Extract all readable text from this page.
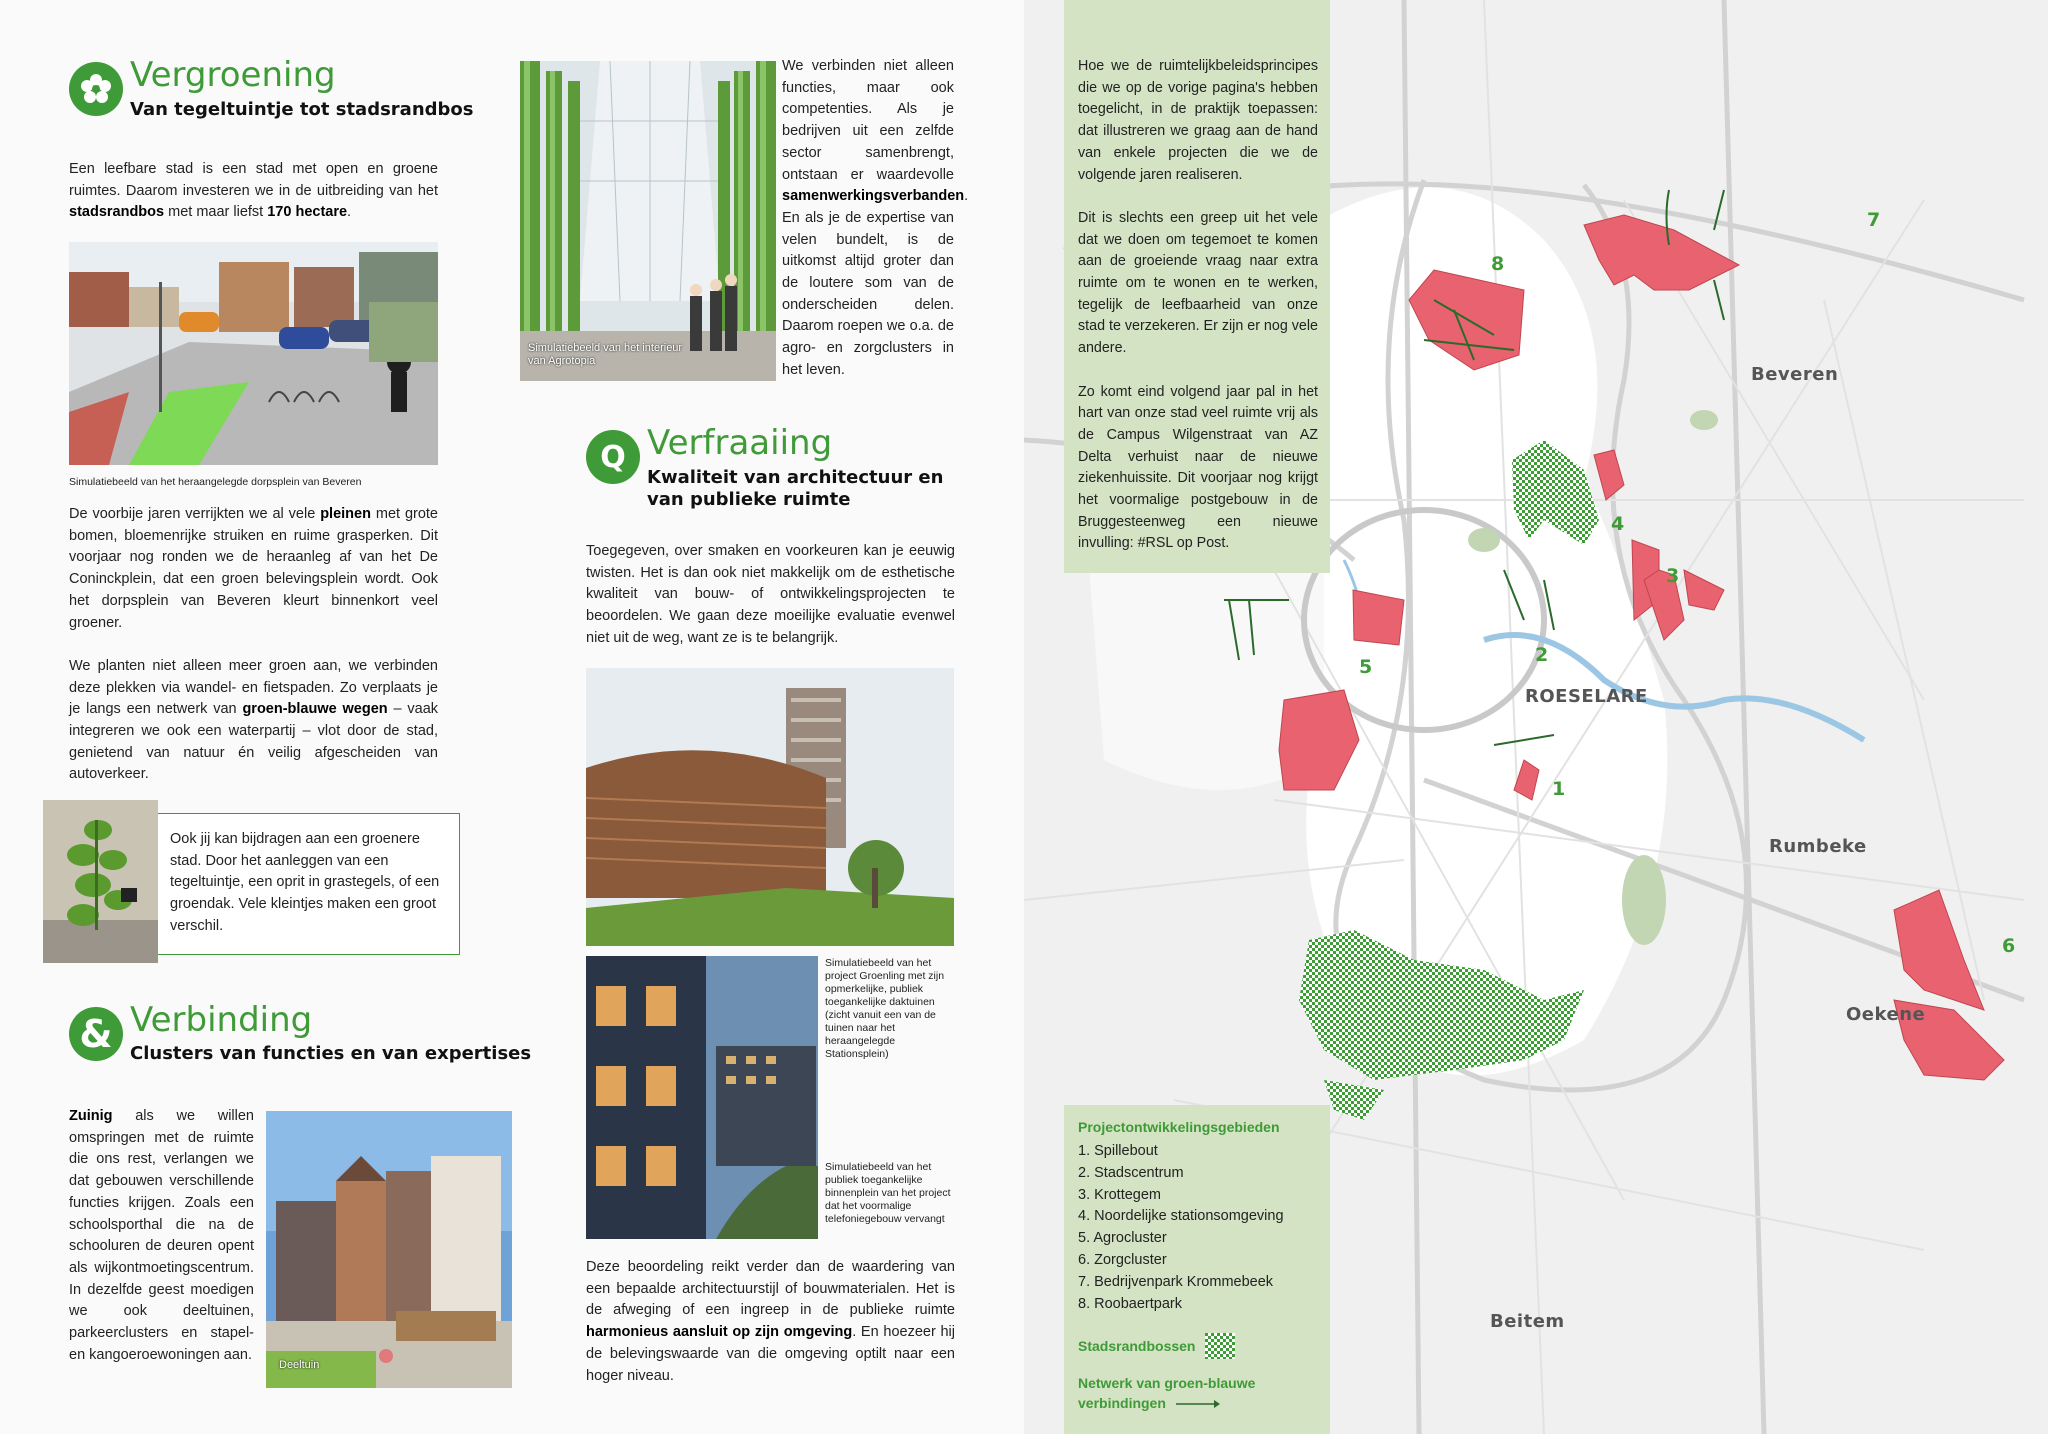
Vergroening
Van tegeltuintje tot stadsrandbos
Een leefbare stad is een stad met open en groene ruimtes. Daarom investeren we in de uitbreiding van het stadsrandbos met maar liefst 170 hectare.
Simulatiebeeld van het heraangelegde dorpsplein van Beveren

De voorbije jaren verrijkten we al vele pleinen met grote bomen, bloemenrijke struiken en ruime grasperken. Dit voorjaar nog ronden we de heraanleg af van het De Coninckplein, dat een groen belevingsplein wordt. Ook het dorpsplein van Beveren kleurt binnenkort veel groener.

We planten niet alleen meer groen aan, we verbinden deze plekken via wandel- en fietspaden. Zo verplaats je je langs een netwerk van groen-blauwe wegen – vaak integreren we ook een waterpartij – vlot door de stad, genietend van natuur én veilig afgescheiden van autoverkeer.

Ook jij kan bijdragen aan een groenere stad. Door het aanleggen van een tegeltuintje, een oprit in grastegels, of een groendak. Vele kleintjes maken een groot verschil.
& Verbinding
Clusters van functies en van expertises
Zuinig als we willen omspringen met de ruimte die ons rest, verlangen we dat gebouwen verschillende functies krijgen. Zoals een schoolsporthal die na de schooluren de deuren opent als wijkontmoetingscentrum. In dezelfde geest moedigen we ook deeltuinen, parkeerclusters en stapel- en kangoeroewoningen aan.
Deeltuin
Simulatiebeeld van het interieur van Agrotopia
We verbinden niet alleen functies, maar ook competenties. Als je bedrijven uit een zelfde sector samenbrengt, ontstaan er waardevolle samenwerkingsverbanden. En als je de expertise van velen bundelt, is de uitkomst altijd groter dan de loutere som van de onderscheiden delen. Daarom roepen we o.a. de agro- en zorgclusters in het leven.
Q Verfraaiing
Kwaliteit van architectuur en van publieke ruimte
Toegegeven, over smaken en voorkeuren kan je eeuwig twisten. Het is dan ook niet makkelijk om de esthetische kwaliteit van bouw- of ontwikkelingsprojecten te beoordelen. We gaan deze moeilijke evaluatie evenwel niet uit de weg, want ze is te belangrijk.
Simulatiebeeld van het project Groenling met zijn opmerkelijke, publiek toegankelijke daktuinen (zicht vanuit een van de tuinen naar het heraangelegde Stationsplein)
Simulatiebeeld van het publiek toegankelijke binnenplein van het project dat het voormalige telefoniegebouw vervangt
Deze beoordeling reikt verder dan de waardering van een bepaalde architectuurstijl of bouwmaterialen. Het is de afweging of een ingreep in de publieke ruimte harmonieus aansluit op zijn omgeving. En hoezeer hij de belevingswaarde van die omgeving optilt naar een hoger niveau.
Beveren
ROESELARE
Rumbeke
Oekene
Beitem
1
2
3
4
5
6
7
8

Hoe we de ruimtelijkbeleidsprincipes die we op de vorige pagina's hebben toegelicht, in de praktijk toepassen: dat illustreren we graag aan de hand van enkele projecten die we de volgende jaren realiseren.

Dit is slechts een greep uit het vele dat we doen om tegemoet te komen aan de groeiende vraag naar extra ruimte om te wonen en te werken, tegelijk de leefbaarheid van onze stad te verzekeren. Er zijn er nog vele andere.

Zo komt eind volgend jaar pal in het hart van onze stad veel ruimte vrij als de Campus Wilgenstraat van AZ Delta verhuist naar de nieuwe ziekenhuissite. Dit voorjaar nog krijgt het voormalige postgebouw in de Bruggesteenweg een nieuwe invulling: #RSL op Post.

Projectontwikkelingsgebieden
1. Spillebout
2. Stadscentrum
3. Krottegem
4. Noordelijke stationsomgeving
5. Agrocluster
6. Zorgcluster
7. Bedrijvenpark Krommebeek
8. Roobaertpark
Stadsrandbossen
Netwerk van groen-blauwe verbindingen
